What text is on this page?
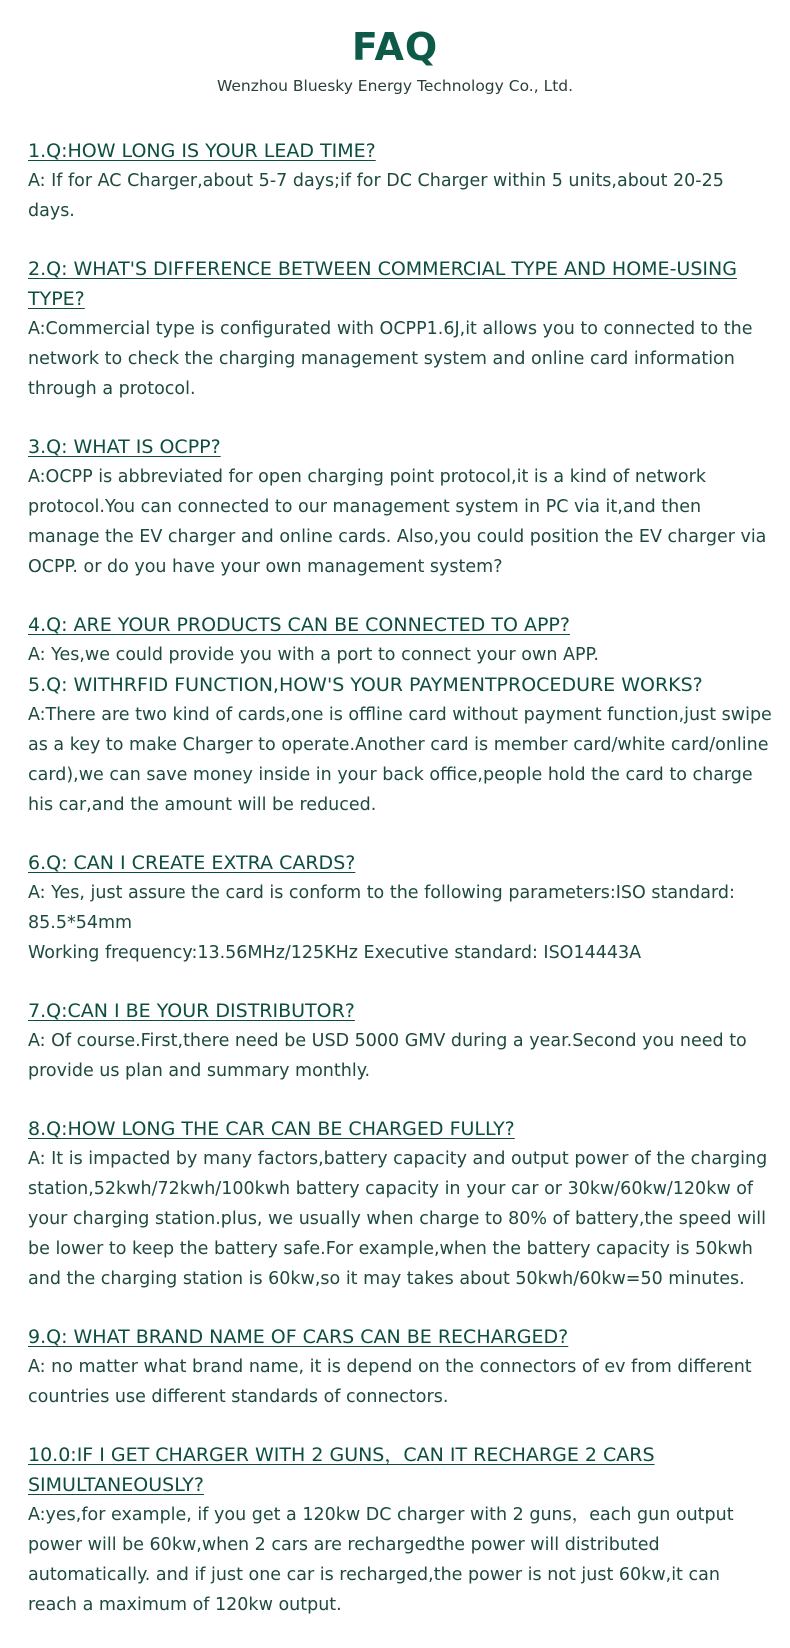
FAQ
Wenzhou Bluesky Energy Technology Co., Ltd.

1.Q:HOW LONG IS YOUR LEAD TIME?

A: If for AC Charger,about 5-7 days;if for DC Charger within 5 units,about 20-25 days.

2.Q: WHAT'S DIFFERENCE BETWEEN COMMERCIAL TYPE AND HOME-USING TYPE?

A:Commercial type is configurated with OCPP1.6J,it allows you to connected to the network to check the charging management system and online card information through a protocol.

3.Q: WHAT IS OCPP?

A:OCPP is abbreviated for open charging point protocol,it is a kind of network protocol.You can connected to our management system in PC via it,and then manage the EV charger and online cards. Also,you could position the EV charger via OCPP. or do you have your own management system?

4.Q: ARE YOUR PRODUCTS CAN BE CONNECTED TO APP?

A: Yes,we could provide you with a port to connect your own APP.

5.Q: WITHRFID FUNCTION,HOW'S YOUR PAYMENTPROCEDURE WORKS?

A:There are two kind of cards,one is offline card without payment function,just swipe as a key to make Charger to operate.Another card is member card/white card/online card),we can save money inside in your back office,people hold the card to charge his car,and the amount will be reduced.

6.Q: CAN I CREATE EXTRA CARDS?

A: Yes, just assure the card is conform to the following parameters:ISO standard: 85.5*54mm

Working frequency:13.56MHz/125KHz Executive standard: ISO14443A

7.Q:CAN I BE YOUR DISTRIBUTOR?

A: Of course.First,there need be USD 5000 GMV during a year.Second you need to provide us plan and summary monthly.

8.Q:HOW LONG THE CAR CAN BE CHARGED FULLY?

A: It is impacted by many factors,battery capacity and output power of the charging station,52kwh/72kwh/100kwh battery capacity in your car or 30kw/60kw/120kw of your charging station.plus, we usually when charge to 80% of battery,the speed will be lower to keep the battery safe.For example,when the battery capacity is 50kwh and the charging station is 60kw,so it may takes about 50kwh/60kw=50 minutes.

9.Q: WHAT BRAND NAME OF CARS CAN BE RECHARGED?

A: no matter what brand name, it is depend on the connectors of ev from different countries use different standards of connectors.

10.0:IF I GET CHARGER WITH 2 GUNS，CAN IT RECHARGE 2 CARS SIMULTANEOUSLY?

A:yes,for example, if you get a 120kw DC charger with 2 guns，each gun output power will be 60kw,when 2 cars are rechargedthe power will distributed automatically. and if just one car is recharged,the power is not just 60kw,it can reach a maximum of 120kw output.
